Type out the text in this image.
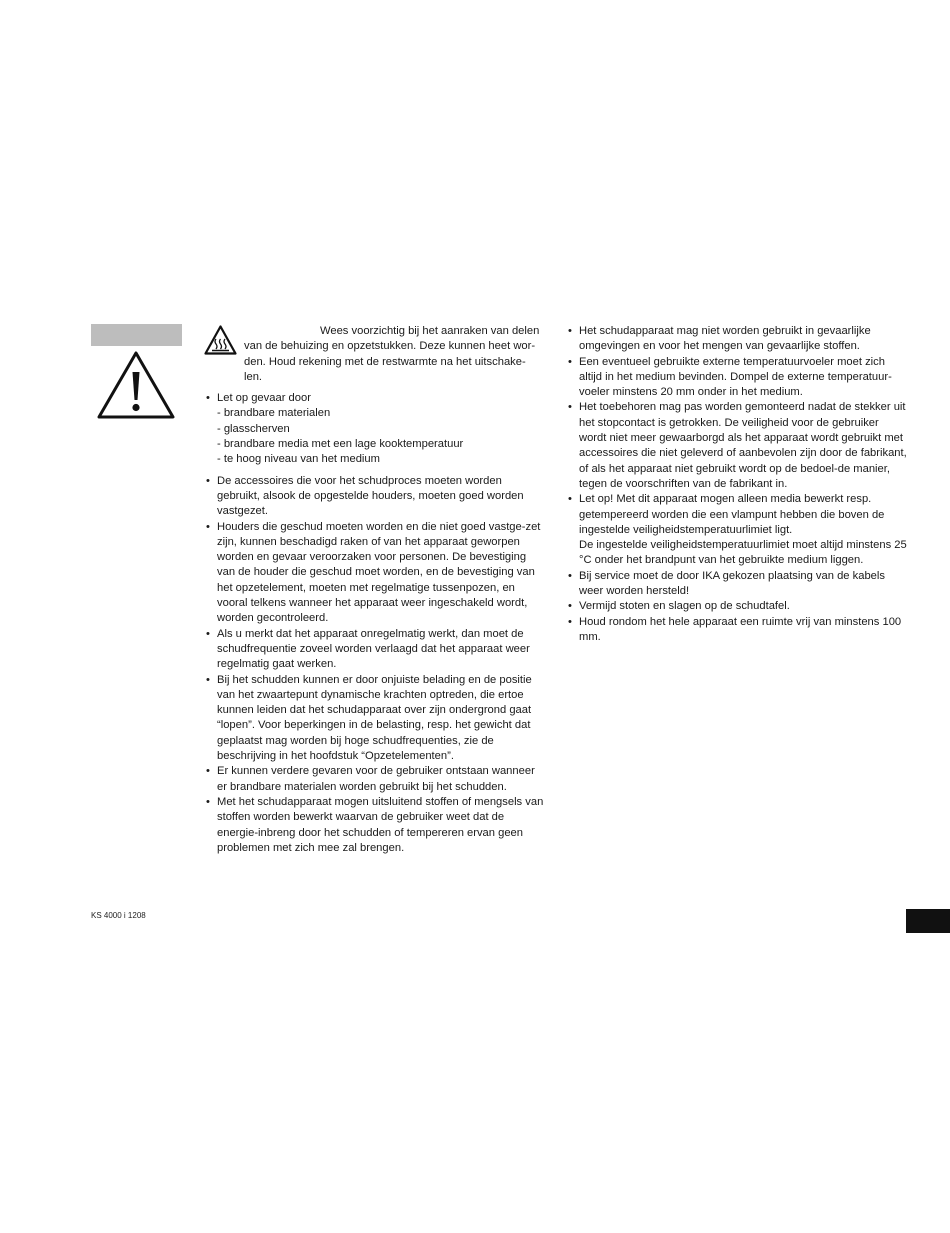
Wees voorzichtig bij het aanraken van delen
van de behuizing en opzetstukken. Deze kunnen heet wor-
den. Houd rekening met de restwarmte na het uitschake-
len.
• Let op gevaar door
- brandbare materialen
- glasscherven
- brandbare media met een lage kooktemperatuur
- te hoog niveau van het medium
• De accessoires die voor het schudproces moeten worden gebruikt, alsook de opgestelde houders, moeten goed worden vastgezet.
• Houders die geschud moeten worden en die niet goed vastge-zet zijn, kunnen beschadigd raken of van het apparaat geworpen worden en gevaar veroorzaken voor personen. De bevestiging van de houder die geschud moet worden, en de bevestiging van het opzetelement, moeten met regelmatige tussenpozen, en vooral telkens wanneer het apparaat weer ingeschakeld wordt, worden gecontroleerd.
• Als u merkt dat het apparaat onregelmatig werkt, dan moet de schudfrequentie zoveel worden verlaagd dat het apparaat weer regelmatig gaat werken.
• Bij het schudden kunnen er door onjuiste belading en de positie van het zwaartepunt dynamische krachten optreden, die ertoe kunnen leiden dat het schudapparaat over zijn ondergrond gaat “lopen”. Voor beperkingen in de belasting, resp. het gewicht dat geplaatst mag worden bij hoge schudfrequenties, zie de beschrijving in het hoofdstuk “Opzetelementen”.
• Er kunnen verdere gevaren voor de gebruiker ontstaan wanneer er brandbare materialen worden gebruikt bij het schudden.
• Met het schudapparaat mogen uitsluitend stoffen of mengsels van stoffen worden bewerkt waarvan de gebruiker weet dat de energie-inbreng door het schudden of tempereren ervan geen problemen met zich mee zal brengen.
• Het schudapparaat mag niet worden gebruikt in gevaarlijke omgevingen en voor het mengen van gevaarlijke stoffen.
• Een eventueel gebruikte externe temperatuurvoeler moet zich altijd in het medium bevinden. Dompel de externe temperatuur-voeler minstens 20 mm onder in het medium.
• Het toebehoren mag pas worden gemonteerd nadat de stekker uit het stopcontact is getrokken. De veiligheid voor de gebruiker wordt niet meer gewaarborgd als het apparaat wordt gebruikt met accessoires die niet geleverd of aanbevolen zijn door de fabrikant, of als het apparaat niet gebruikt wordt op de bedoel-de manier, tegen de voorschriften van de fabrikant in.
• Let op! Met dit apparaat mogen alleen media bewerkt resp. getempereerd worden die een vlampunt hebben die boven de ingestelde veiligheidstemperatuurlimiet ligt.
De ingestelde veiligheidstemperatuurlimiet moet altijd minstens 25 °C onder het brandpunt van het gebruikte medium liggen.
• Bij service moet de door IKA gekozen plaatsing van de kabels weer worden hersteld!
• Vermijd stoten en slagen op de schudtafel.
• Houd rondom het hele apparaat een ruimte vrij van minstens 100 mm.
KS 4000 i 1208
